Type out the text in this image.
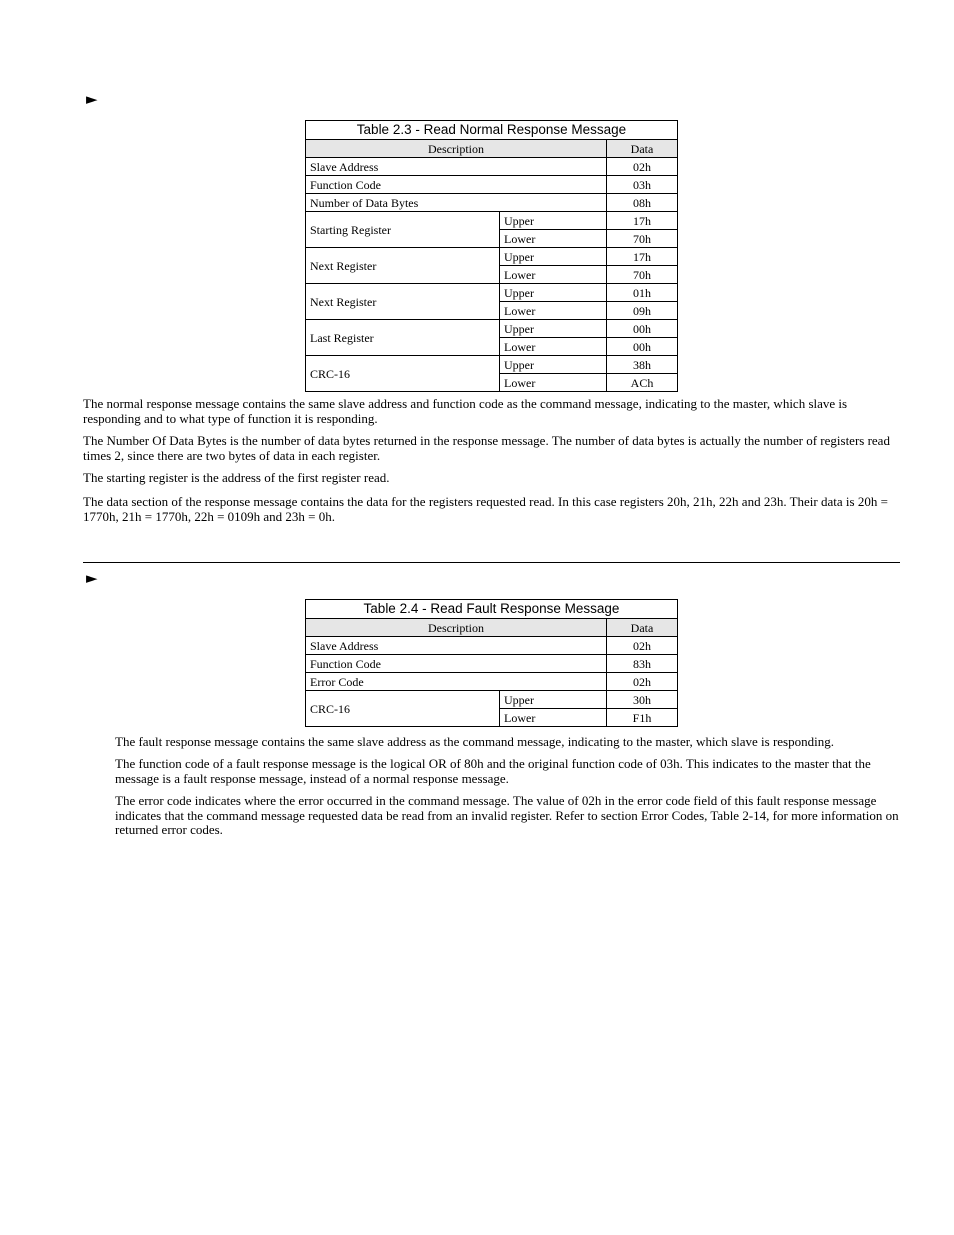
►
Table 2.3 - Read Normal Response Message		
Description		Data
Slave Address		02h
Function Code		03h
Number of Data Bytes		08h
Starting Register	Upper	17h
	Lower	70h
Next Register	Upper	17h
	Lower	70h
Next Register	Upper	01h
	Lower	09h
Last Register	Upper	00h
	Lower	00h
CRC-16	Upper	38h
	Lower	ACh

The normal response message contains the same slave address and function code as the command message, indicating to the master, which slave is responding and to what type of function it is responding.

The Number Of Data Bytes is the number of data bytes returned in the response message. The number of data bytes is actually the number of registers read times 2, since there are two bytes of data in each register.

The starting register is the address of the first register read.

The data section of the response message contains the data for the registers requested read. In this case registers 20h, 21h, 22h and 23h. Their data is 20h = 1770h, 21h = 1770h, 22h = 0109h and 23h = 0h.

►
Table 2.4 - Read Fault Response Message		
Description		Data
Slave Address		02h
Function Code		83h
Error Code		02h
CRC-16	Upper	30h
	Lower	F1h

The fault response message contains the same slave address as the command message, indicating to the master, which slave is responding.

The function code of a fault response message is the logical OR of 80h and the original function code of 03h. This indicates to the master that the message is a fault response message, instead of a normal response message.

The error code indicates where the error occurred in the command message. The value of 02h in the error code field of this fault response message indicates that the command message requested data be read from an invalid register. Refer to section Error Codes, Table 2-14, for more information on returned error codes.
